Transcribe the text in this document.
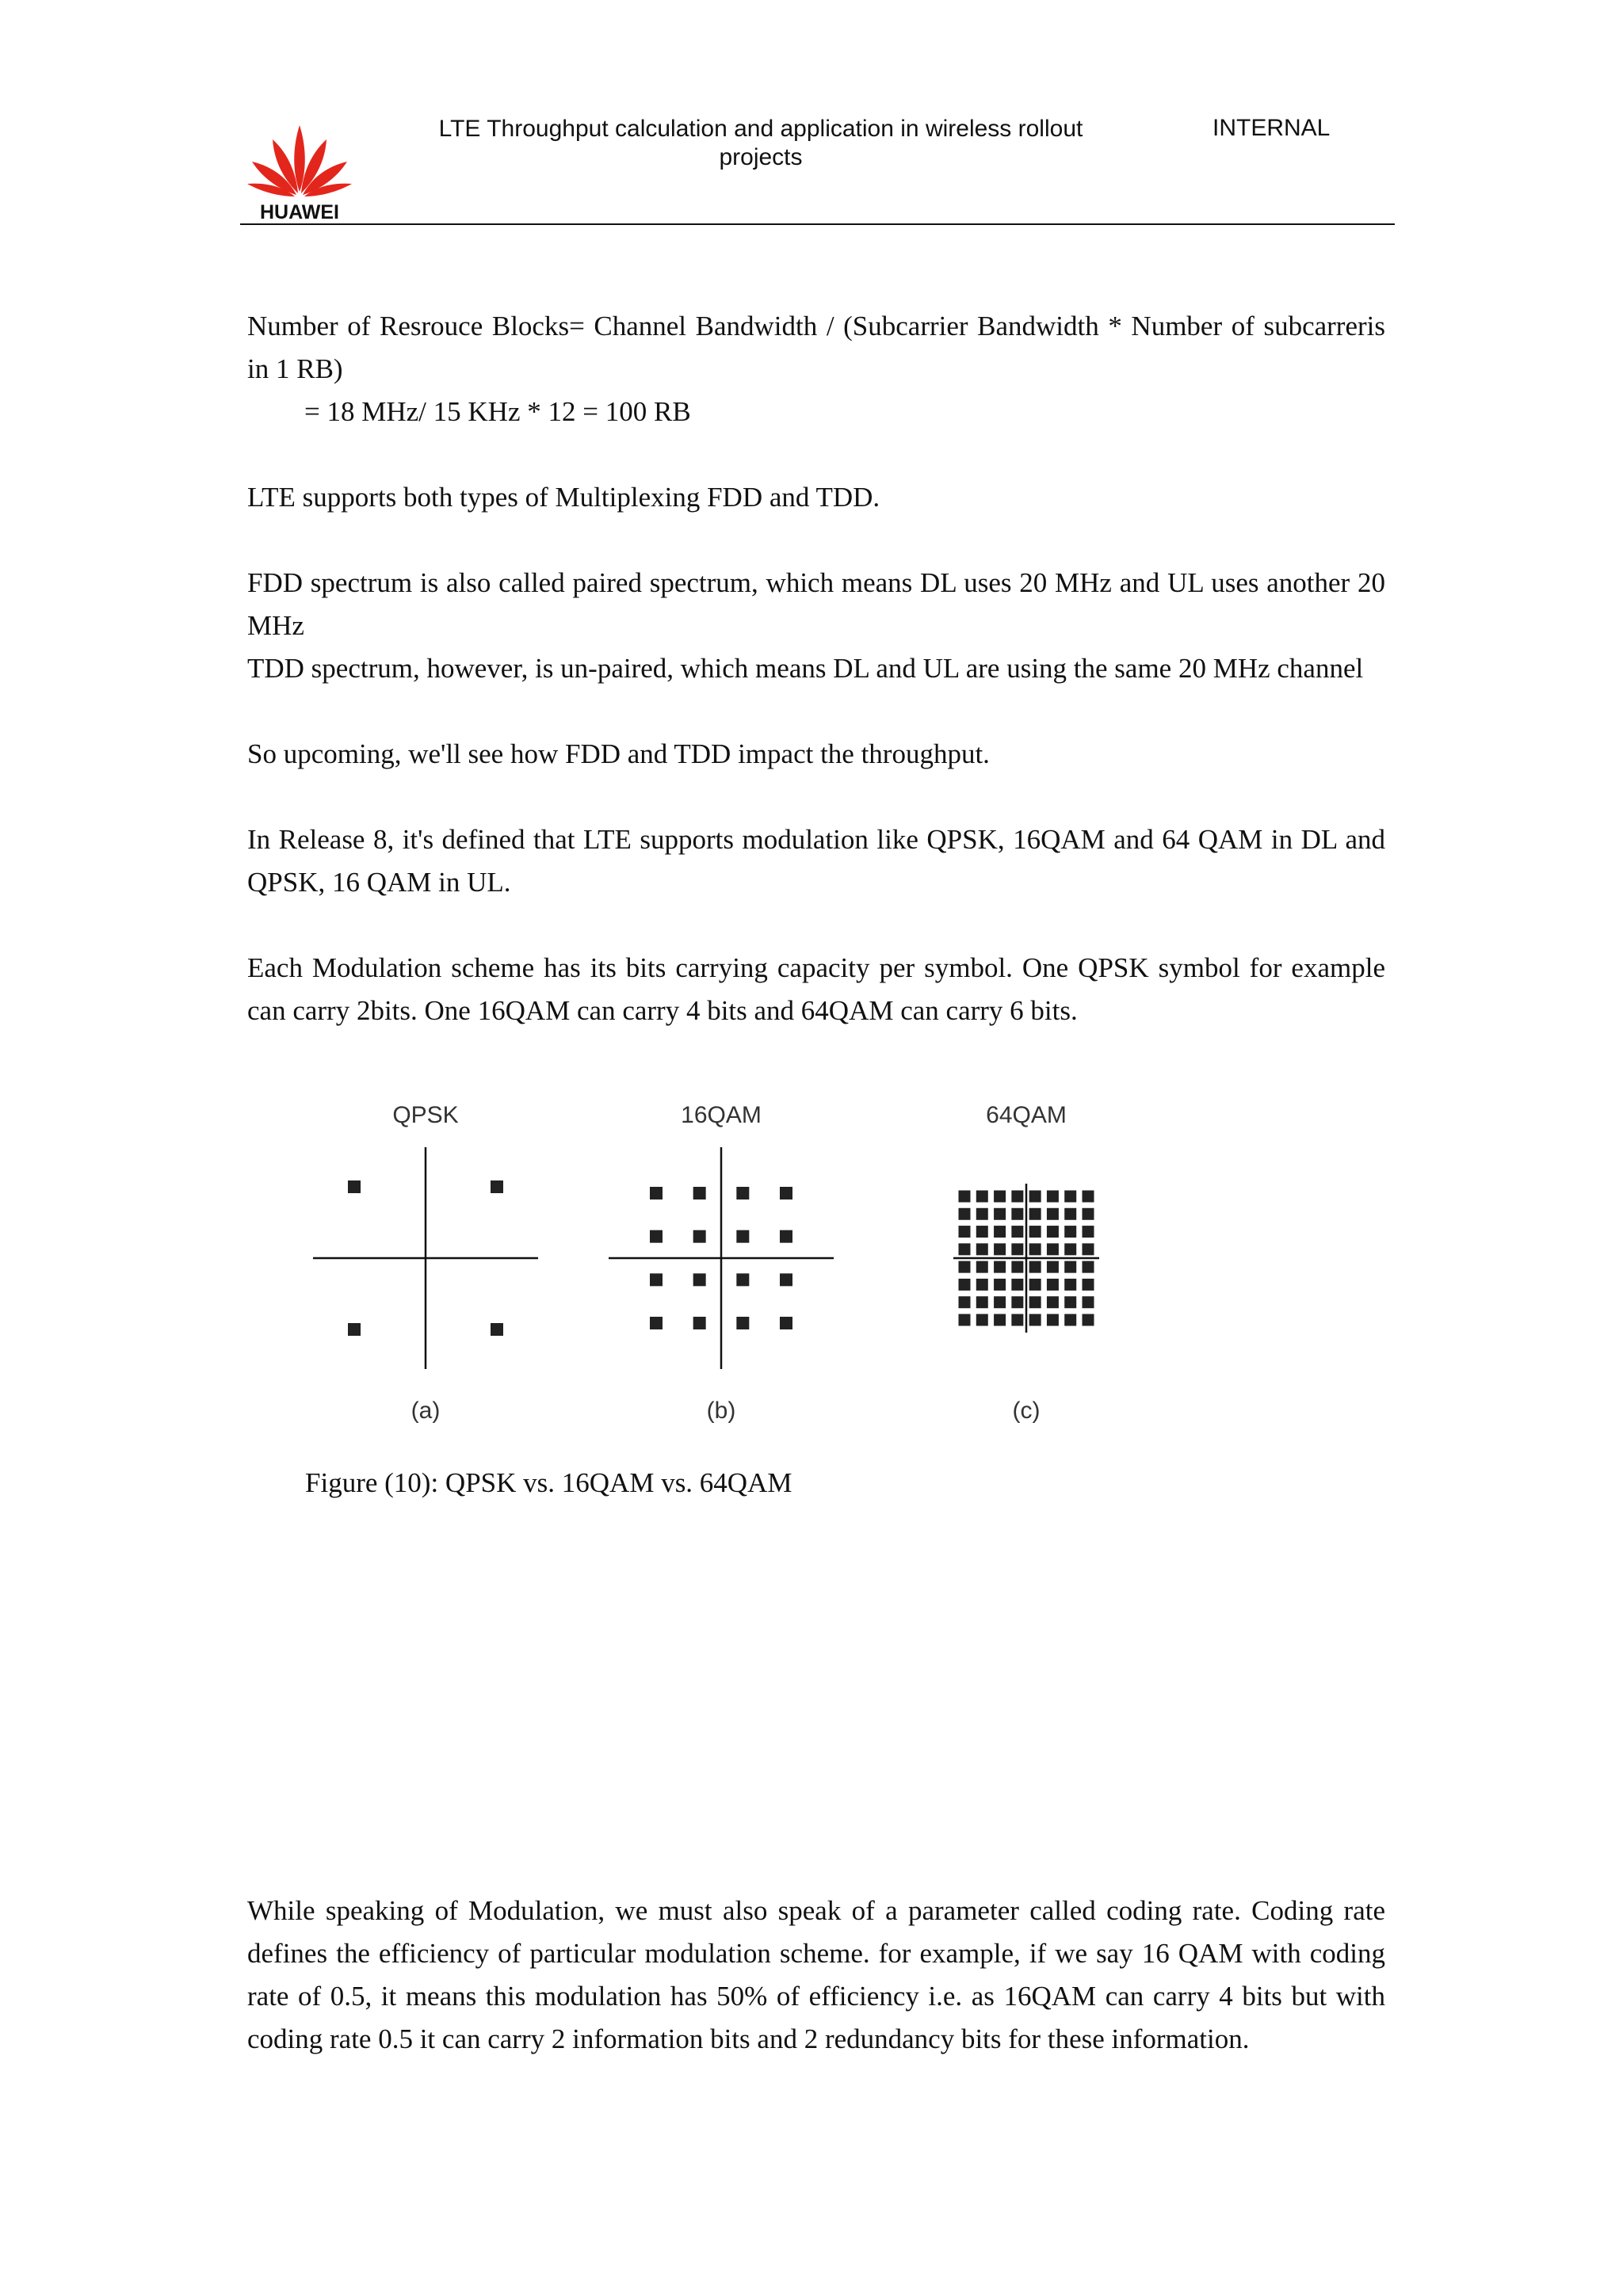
HUAWEI
LTE Throughput calculation and application in wireless rollout projects
INTERNAL

Number of Resrouce Blocks= Channel Bandwidth / (Subcarrier Bandwidth * Number of subcarreris in 1 RB)

= 18 MHz/ 15 KHz * 12 = 100 RB

LTE supports both types of Multiplexing FDD and TDD.

FDD spectrum is also called paired spectrum, which means DL uses 20 MHz and UL uses another 20 MHz

TDD spectrum, however, is un-paired, which means DL and UL are using the same 20 MHz channel

So upcoming, we'll see how FDD and TDD impact the throughput.

In Release 8, it's defined that LTE supports modulation like QPSK, 16QAM and 64 QAM in DL and QPSK, 16 QAM in UL.

Each Modulation scheme has its bits carrying capacity per symbol. One QPSK symbol for example can carry 2bits. One 16QAM can carry 4 bits and 64QAM can carry 6 bits.

QPSK
(a)
16QAM
(b)
64QAM
(c)
Figure (10): QPSK vs. 16QAM vs. 64QAM

While speaking of Modulation, we must also speak of a parameter called coding rate. Coding rate defines the efficiency of particular modulation scheme. for example, if we say 16 QAM with coding rate of 0.5, it means this modulation has 50% of efficiency i.e. as 16QAM can carry 4 bits but with coding rate 0.5 it can carry 2 information bits and 2 redundancy bits for these information.
